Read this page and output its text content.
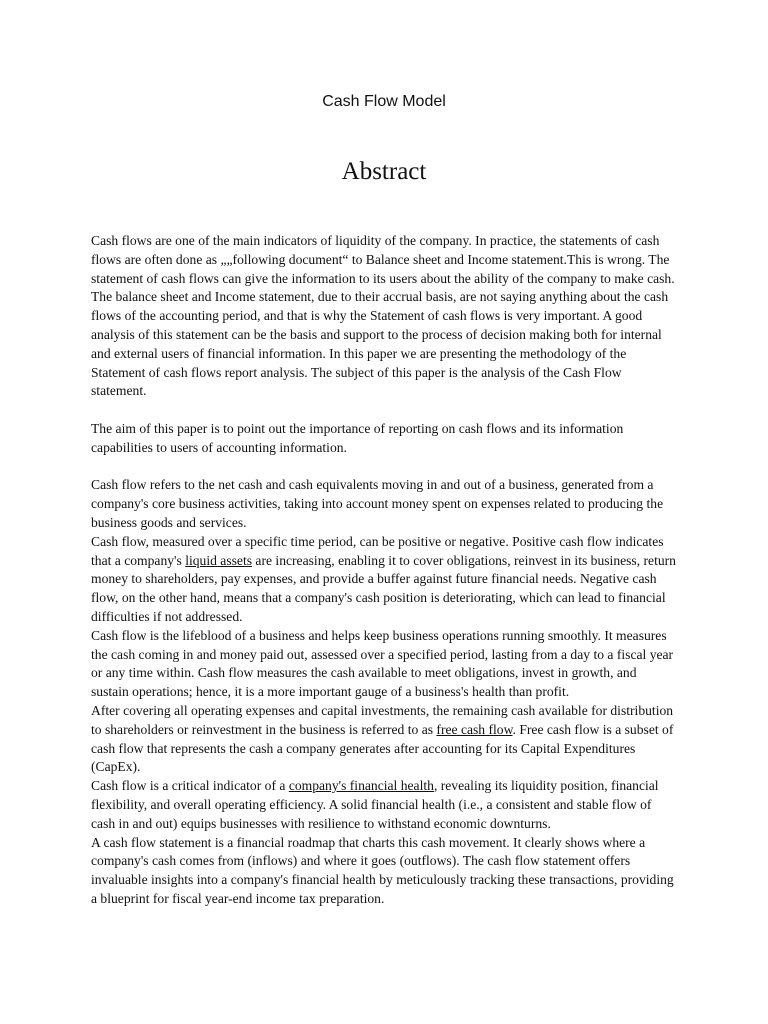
Cash Flow Model
Abstract

Cash flows are one of the main indicators of liquidity of the company. In practice, the statements of cash flows are often done as „„following document“ to Balance sheet and Income statement.This is wrong. The statement of cash flows can give the information to its users about the ability of the company to make cash. The balance sheet and Income statement, due to their accrual basis, are not saying anything about the cash flows of the accounting period, and that is why the Statement of cash flows is very important. A good analysis of this statement can be the basis and support to the process of decision making both for internal and external users of financial information. In this paper we are presenting the methodology of the Statement of cash flows report analysis. The subject of this paper is the analysis of the Cash Flow statement.

The aim of this paper is to point out the importance of reporting on cash flows and its information capabilities to users of accounting information.

Cash flow refers to the net cash and cash equivalents moving in and out of a business, generated from a company's core business activities, taking into account money spent on expenses related to producing the business goods and services.

Cash flow, measured over a specific time period, can be positive or negative. Positive cash flow indicates that a company's liquid assets are increasing, enabling it to cover obligations, reinvest in its business, return money to shareholders, pay expenses, and provide a buffer against future financial needs. Negative cash flow, on the other hand, means that a company's cash position is deteriorating, which can lead to financial difficulties if not addressed.

Cash flow is the lifeblood of a business and helps keep business operations running smoothly. It measures the cash coming in and money paid out, assessed over a specified period, lasting from a day to a fiscal year or any time within. Cash flow measures the cash available to meet obligations, invest in growth, and sustain operations; hence, it is a more important gauge of a business's health than profit.

After covering all operating expenses and capital investments, the remaining cash available for distribution to shareholders or reinvestment in the business is referred to as free cash flow. Free cash flow is a subset of cash flow that represents the cash a company generates after accounting for its Capital Expenditures (CapEx).

Cash flow is a critical indicator of a company's financial health, revealing its liquidity position, financial flexibility, and overall operating efficiency. A solid financial health (i.e., a consistent and stable flow of cash in and out) equips businesses with resilience to withstand economic downturns.

A cash flow statement is a financial roadmap that charts this cash movement. It clearly shows where a company's cash comes from (inflows) and where it goes (outflows). The cash flow statement offers invaluable insights into a company's financial health by meticulously tracking these transactions, providing a blueprint for fiscal year-end income tax preparation.
